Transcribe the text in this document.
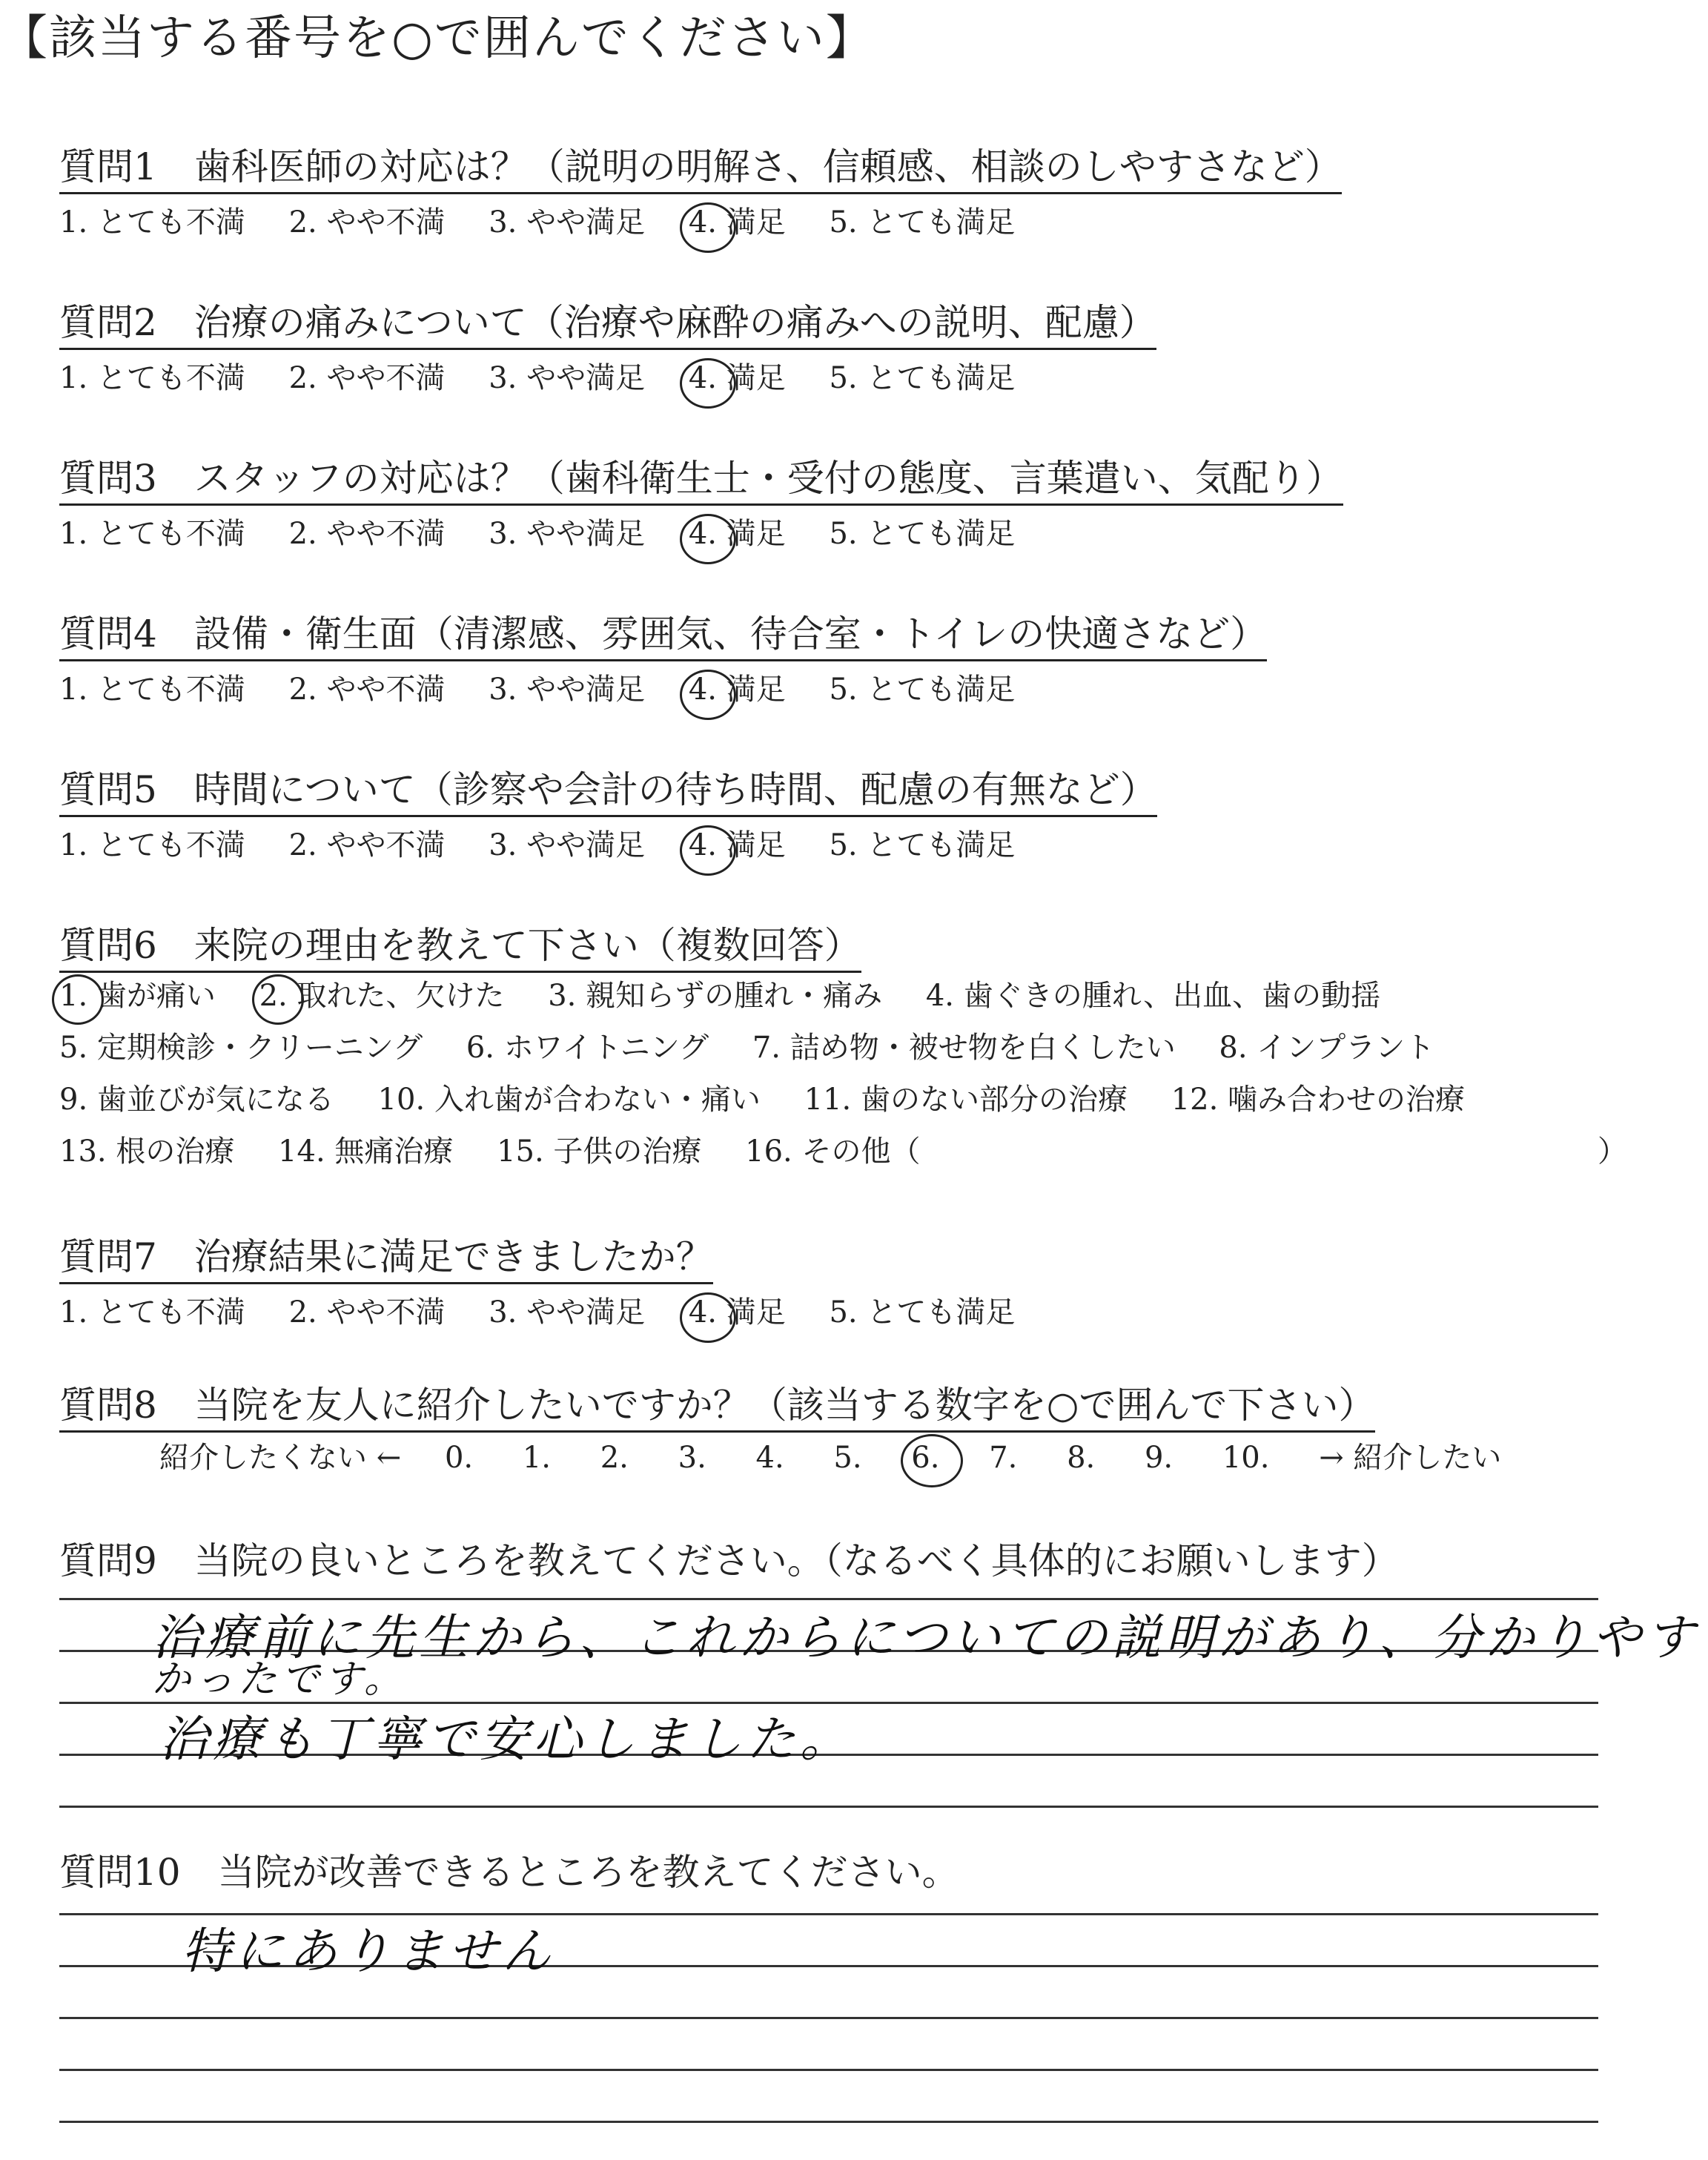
【該当する番号を○で囲んでください】
質問1　歯科医師の対応は？（説明の明解さ、信頼感、相談のしやすさなど）
1. とても不満 2. やや不満 3. やや満足 4. 満足 5. とても満足
質問2　治療の痛みについて（治療や麻酔の痛みへの説明、配慮）
1. とても不満 2. やや不満 3. やや満足 4. 満足 5. とても満足
質問3　スタッフの対応は？（歯科衛生士・受付の態度、言葉遣い、気配り）
1. とても不満 2. やや不満 3. やや満足 4. 満足 5. とても満足
質問4　設備・衛生面（清潔感、雰囲気、待合室・トイレの快適さなど）
1. とても不満 2. やや不満 3. やや満足 4. 満足 5. とても満足
質問5　時間について（診察や会計の待ち時間、配慮の有無など）
1. とても不満 2. やや不満 3. やや満足 4. 満足 5. とても満足
質問6　来院の理由を教えて下さい（複数回答）
1. 歯が痛い 2. 取れた、欠けた 3. 親知らずの腫れ・痛み 4. 歯ぐきの腫れ、出血、歯の動揺
5. 定期検診・クリーニング 6. ホワイトニング 7. 詰め物・被せ物を白くしたい 8. インプラント
9. 歯並びが気になる 10. 入れ歯が合わない・痛い 11. 歯のない部分の治療 12. 噛み合わせの治療
13. 根の治療 14. 無痛治療 15. 子供の治療 16. その他（	）
質問7　治療結果に満足できましたか？
1. とても不満 2. やや不満 3. やや満足 4. 満足 5. とても満足
質問8　当院を友人に紹介したいですか？（該当する数字を○で囲んで下さい）
紹介したくない ← 0. 1. 2. 3. 4. 5. 6. 7. 8. 9. 10. → 紹介したい
質問9　当院の良いところを教えてください。（なるべく具体的にお願いします）
治療前に先生から、これからについての説明があり、分かりやす
かったです。
治療も丁寧で安心しました。
質問10　当院が改善できるところを教えてください。
特にありません
